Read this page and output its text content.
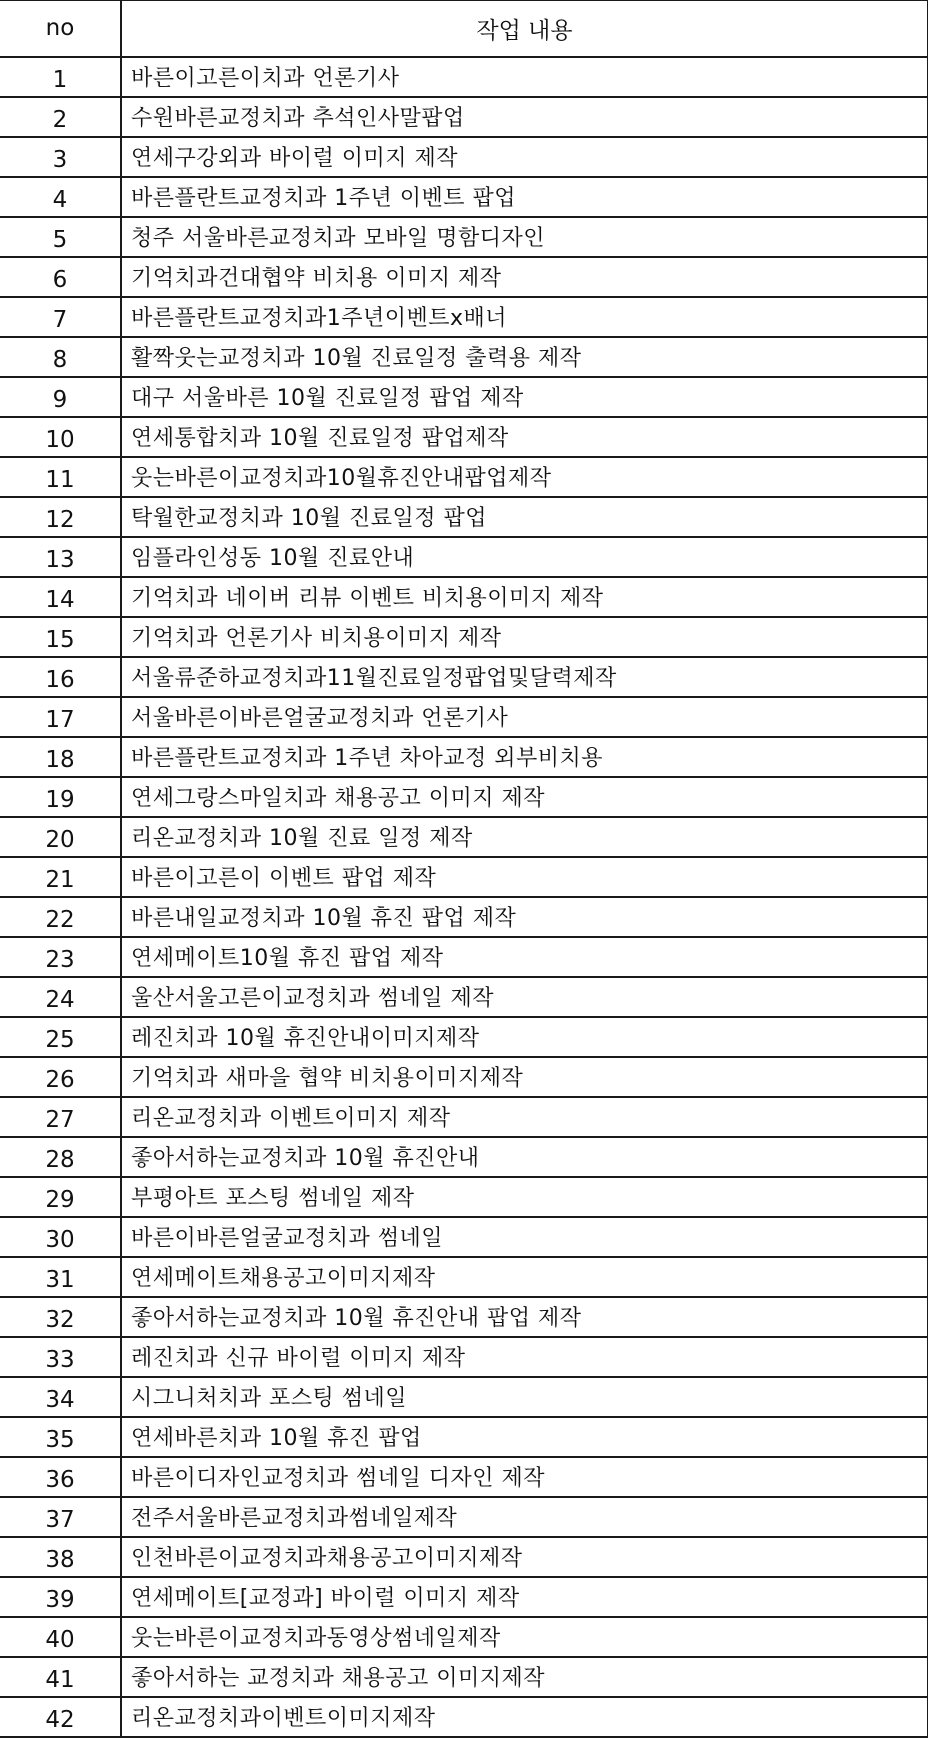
no	작업 내용
1	바른이고른이치과 언론기사
2	수원바른교정치과 추석인사말팝업
3	연세구강외과 바이럴 이미지 제작
4	바른플란트교정치과 1주년 이벤트 팝업
5	청주 서울바른교정치과 모바일 명함디자인
6	기억치과건대협약 비치용 이미지 제작
7	바른플란트교정치과1주년이벤트x배너
8	활짝웃는교정치과 10월 진료일정 출력용 제작
9	대구 서울바른 10월 진료일정 팝업 제작
10	연세통합치과 10월 진료일정 팝업제작
11	웃는바른이교정치과10월휴진안내팝업제작
12	탁월한교정치과 10월 진료일정 팝업
13	임플라인성동 10월 진료안내
14	기억치과 네이버 리뷰 이벤트 비치용이미지 제작
15	기억치과 언론기사 비치용이미지 제작
16	서울류준하교정치과11월진료일정팝업및달력제작
17	서울바른이바른얼굴교정치과 언론기사
18	바른플란트교정치과 1주년 차아교정 외부비치용
19	연세그랑스마일치과 채용공고 이미지 제작
20	리온교정치과 10월 진료 일정 제작
21	바른이고른이 이벤트 팝업 제작
22	바른내일교정치과 10월 휴진 팝업 제작
23	연세메이트10월 휴진 팝업 제작
24	울산서울고른이교정치과 썸네일 제작
25	레진치과 10월 휴진안내이미지제작
26	기억치과 새마을 협약 비치용이미지제작
27	리온교정치과 이벤트이미지 제작
28	좋아서하는교정치과 10월 휴진안내
29	부평아트 포스팅 썸네일 제작
30	바른이바른얼굴교정치과 썸네일
31	연세메이트채용공고이미지제작
32	좋아서하는교정치과 10월 휴진안내 팝업 제작
33	레진치과 신규 바이럴 이미지 제작
34	시그니처치과 포스팅 썸네일
35	연세바른치과 10월 휴진 팝업
36	바른이디자인교정치과 썸네일 디자인 제작
37	전주서울바른교정치과썸네일제작
38	인천바른이교정치과채용공고이미지제작
39	연세메이트[교정과] 바이럴 이미지 제작
40	웃는바른이교정치과동영상썸네일제작
41	좋아서하는 교정치과 채용공고 이미지제작
42	리온교정치과이벤트이미지제작
